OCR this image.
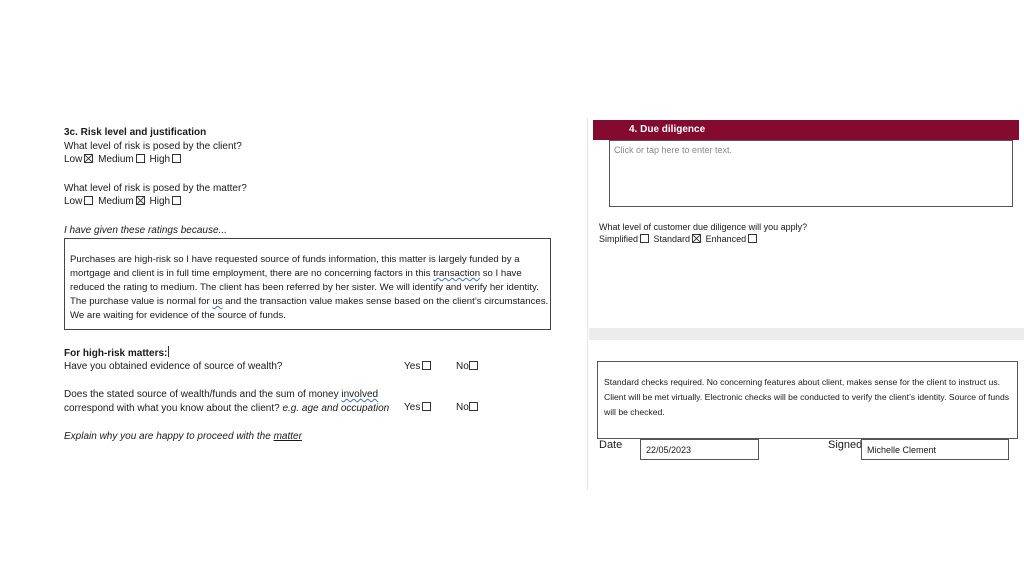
3c. Risk level and justification
What level of risk is posed by the client?
Low Medium High
What level of risk is posed by the matter?
Low Medium High
I have given these ratings because...

Purchases are high-risk so I have requested source of funds information, this matter is largely funded by a mortgage and client is in full time employment, there are no concerning factors in this transaction so I have reduced the rating to medium. The client has been referred by her sister. We will identify and verify her identity. The purchase value is normal for us and the transaction value makes sense based on the client’s circumstances. We are waiting for evidence of the source of funds.

For high-risk matters:
Have you obtained evidence of source of wealth?	Yes	No
Does the stated source of wealth/funds and the sum of money involved
correspond with what you know about the client? e.g. age and occupation Yes	No
Explain why you are happy to proceed with the matter
4. Due diligence
Click or tap here to enter text.
What level of customer due diligence will you apply?
Simplified Standard Enhanced

Standard checks required. No concerning features about client, makes sense for the client to instruct us. Client will be met virtually. Electronic checks will be conducted to verify the client’s identity. Source of funds will be checked.

Date	22/05/2023	Signed Michelle Clement
